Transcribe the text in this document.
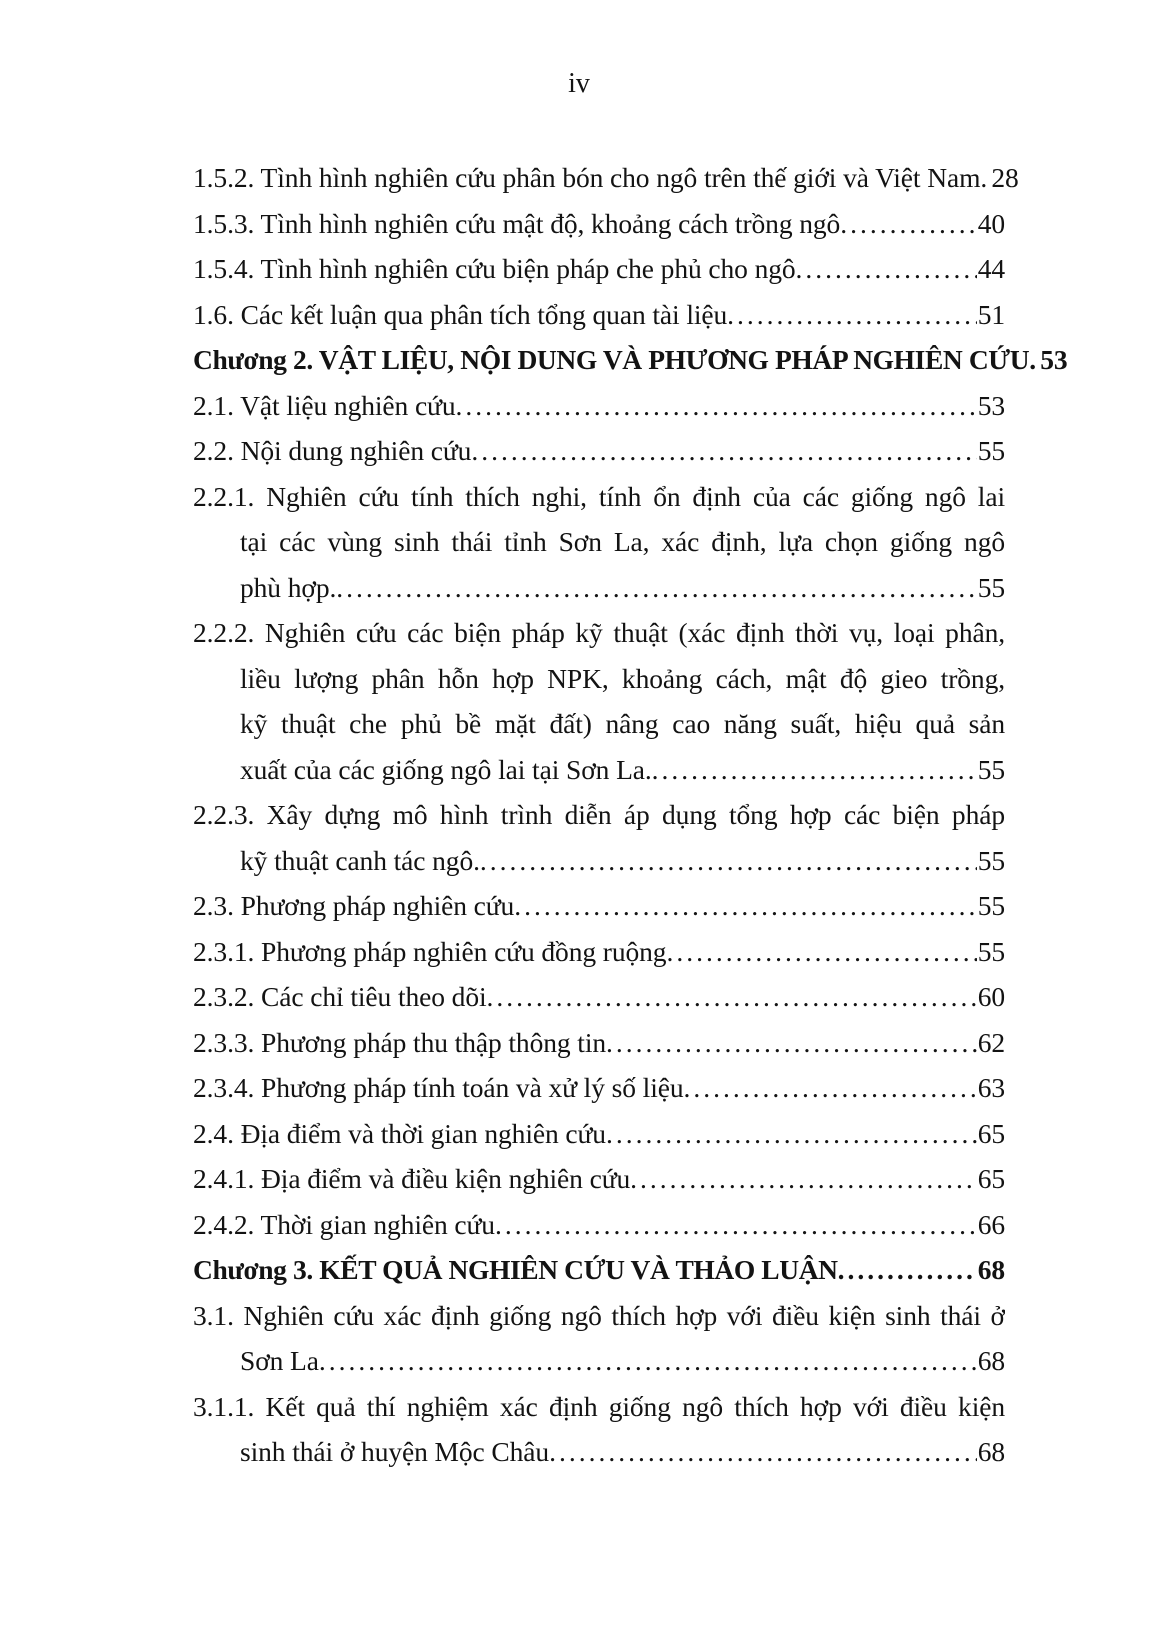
iv
1.5.2. Tình hình nghiên cứu phân bón cho ngô trên thế giới và Việt Nam ..... 28
1.5.3. Tình hình nghiên cứu mật độ, khoảng cách trồng ngô .....	40
1.5.4. Tình hình nghiên cứu biện pháp che phủ cho ngô .....	44
1.6. Các kết luận qua phân tích tổng quan tài liệu .....	51
Chương 2. VẬT LIỆU, NỘI DUNG VÀ PHƯƠNG PHÁP NGHIÊN CỨU ..... 53
2.1. Vật liệu nghiên cứu .....	53
2.2. Nội dung nghiên cứu .....	55
2.2.1. Nghiên cứu tính thích nghi, tính ổn định của các giống ngô lai
tại các vùng sinh thái tỉnh Sơn La, xác định, lựa chọn giống ngô
phù hợp. .....	55
2.2.2. Nghiên cứu các biện pháp kỹ thuật (xác định thời vụ, loại phân,
liều lượng phân hỗn hợp NPK, khoảng cách, mật độ gieo trồng,
kỹ thuật che phủ bề mặt đất) nâng cao năng suất, hiệu quả sản
xuất của các giống ngô lai tại Sơn La. .....	55
2.2.3. Xây dựng mô hình trình diễn áp dụng tổng hợp các biện pháp
kỹ thuật canh tác ngô. .....	55
2.3. Phương pháp nghiên cứu .....	55
2.3.1. Phương pháp nghiên cứu đồng ruộng .....	55
2.3.2. Các chỉ tiêu theo dõi .....	60
2.3.3. Phương pháp thu thập thông tin .....	62
2.3.4. Phương pháp tính toán và xử lý số liệu .....	63
2.4. Địa điểm và thời gian nghiên cứu .....	65
2.4.1. Địa điểm và điều kiện nghiên cứu .....	65
2.4.2. Thời gian nghiên cứu .....	66
Chương 3. KẾT QUẢ NGHIÊN CỨU VÀ THẢO LUẬN .....	68
3.1. Nghiên cứu xác định giống ngô thích hợp với điều kiện sinh thái ở
Sơn La .....	68
3.1.1. Kết quả thí nghiệm xác định giống ngô thích hợp với điều kiện
sinh thái ở huyện Mộc Châu .....	68
